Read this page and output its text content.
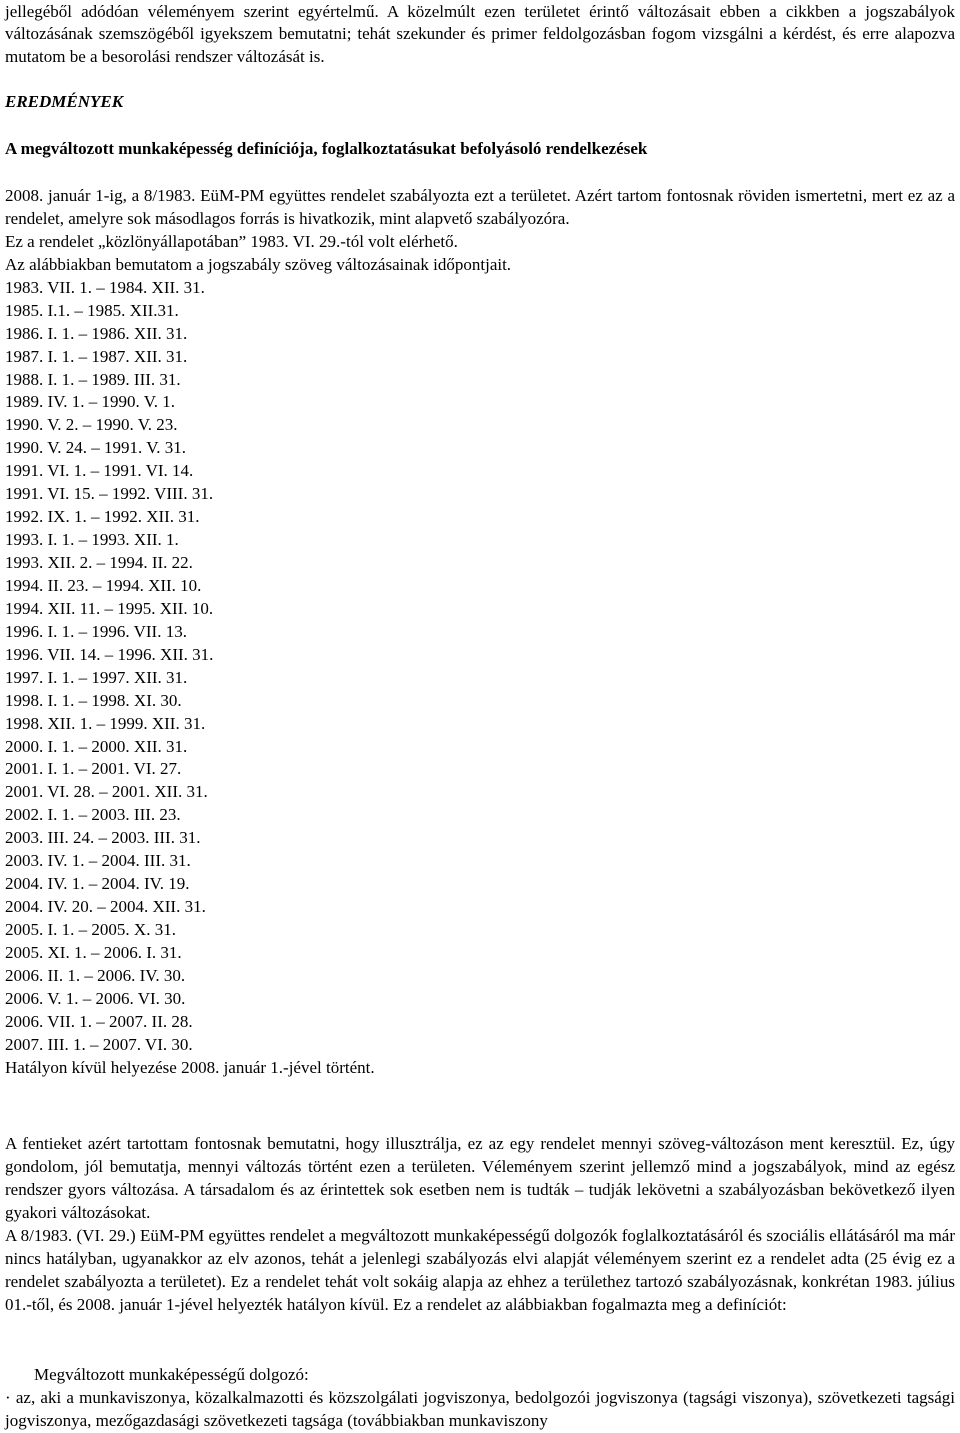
jellegéből adódóan véleményem szerint egyértelmű. A közelmúlt ezen területet érintő változásait ebben a cikkben a jogszabályok változásának szemszögéből igyekszem bemutatni; tehát szekunder és primer feldolgozásban fogom vizsgálni a kérdést, és erre alapozva mutatom be a besorolási rendszer változását is.

EREDMÉNYEK
A megváltozott munkaképesség definíciója, foglalkoztatásukat befolyásoló rendelkezések

2008. január 1-ig, a 8/1983. EüM-PM együttes rendelet szabályozta ezt a területet. Azért tartom fontosnak röviden ismertetni, mert ez az a rendelet, amelyre sok másodlagos forrás is hivatkozik, mint alapvető szabályozóra.

Ez a rendelet „közlönyállapotában” 1983. VI. 29.-tól volt elérhető.

Az alábbiakban bemutatom a jogszabály szöveg változásainak időpontjait.

1983. VII. 1. – 1984. XII. 31.
1985. I.1. – 1985. XII.31.
1986. I. 1. – 1986. XII. 31.
1987. I. 1. – 1987. XII. 31.
1988. I. 1. – 1989. III. 31.
1989. IV. 1. – 1990. V. 1.
1990. V. 2. – 1990. V. 23.
1990. V. 24. – 1991. V. 31.
1991. VI. 1. – 1991. VI. 14.
1991. VI. 15. – 1992. VIII. 31.
1992. IX. 1. – 1992. XII. 31.
1993. I. 1. – 1993. XII. 1.
1993. XII. 2. – 1994. II. 22.
1994. II. 23. – 1994. XII. 10.
1994. XII. 11. – 1995. XII. 10.
1996. I. 1. – 1996. VII. 13.
1996. VII. 14. – 1996. XII. 31.
1997. I. 1. – 1997. XII. 31.
1998. I. 1. – 1998. XI. 30.
1998. XII. 1. – 1999. XII. 31.
2000. I. 1. – 2000. XII. 31.
2001. I. 1. – 2001. VI. 27.
2001. VI. 28. – 2001. XII. 31.
2002. I. 1. – 2003. III. 23.
2003. III. 24. – 2003. III. 31.
2003. IV. 1. – 2004. III. 31.
2004. IV. 1. – 2004. IV. 19.
2004. IV. 20. – 2004. XII. 31.
2005. I. 1. – 2005. X. 31.
2005. XI. 1. – 2006. I. 31.
2006. II. 1. – 2006. IV. 30.
2006. V. 1. – 2006. VI. 30.
2006. VII. 1. – 2007. II. 28.
2007. III. 1. – 2007. VI. 30.

Hatályon kívül helyezése 2008. január 1.-jével történt.

A fentieket azért tartottam fontosnak bemutatni, hogy illusztrálja, ez az egy rendelet mennyi szöveg-változáson ment keresztül. Ez, úgy gondolom, jól bemutatja, mennyi változás történt ezen a területen. Véleményem szerint jellemző mind a jogszabályok, mind az egész rendszer gyors változása. A társadalom és az érintettek sok esetben nem is tudták – tudják lekövetni a szabályozásban bekövetkező ilyen gyakori változásokat.

A 8/1983. (VI. 29.) EüM-PM együttes rendelet a megváltozott munkaképességű dolgozók foglalkoztatásáról és szociális ellátásáról ma már nincs hatályban, ugyanakkor az elv azonos, tehát a jelenlegi szabályozás elvi alapját véleményem szerint ez a rendelet adta (25 évig ez a rendelet szabályozta a területet). Ez a rendelet tehát volt sokáig alapja az ehhez a területhez tartozó szabályozásnak, konkrétan 1983. július 01.-től, és 2008. január 1-jével helyezték hatályon kívül. Ez a rendelet az alábbiakban fogalmazta meg a definíciót:

Megváltozott munkaképességű dolgozó:

· az, aki a munkaviszonya, közalkalmazotti és közszolgálati jogviszonya, bedolgozói jogviszonya (tagsági viszonya), szövetkezeti tagsági jogviszonya, mezőgazdasági szövetkezeti tagsága (továbbiakban munkaviszony
